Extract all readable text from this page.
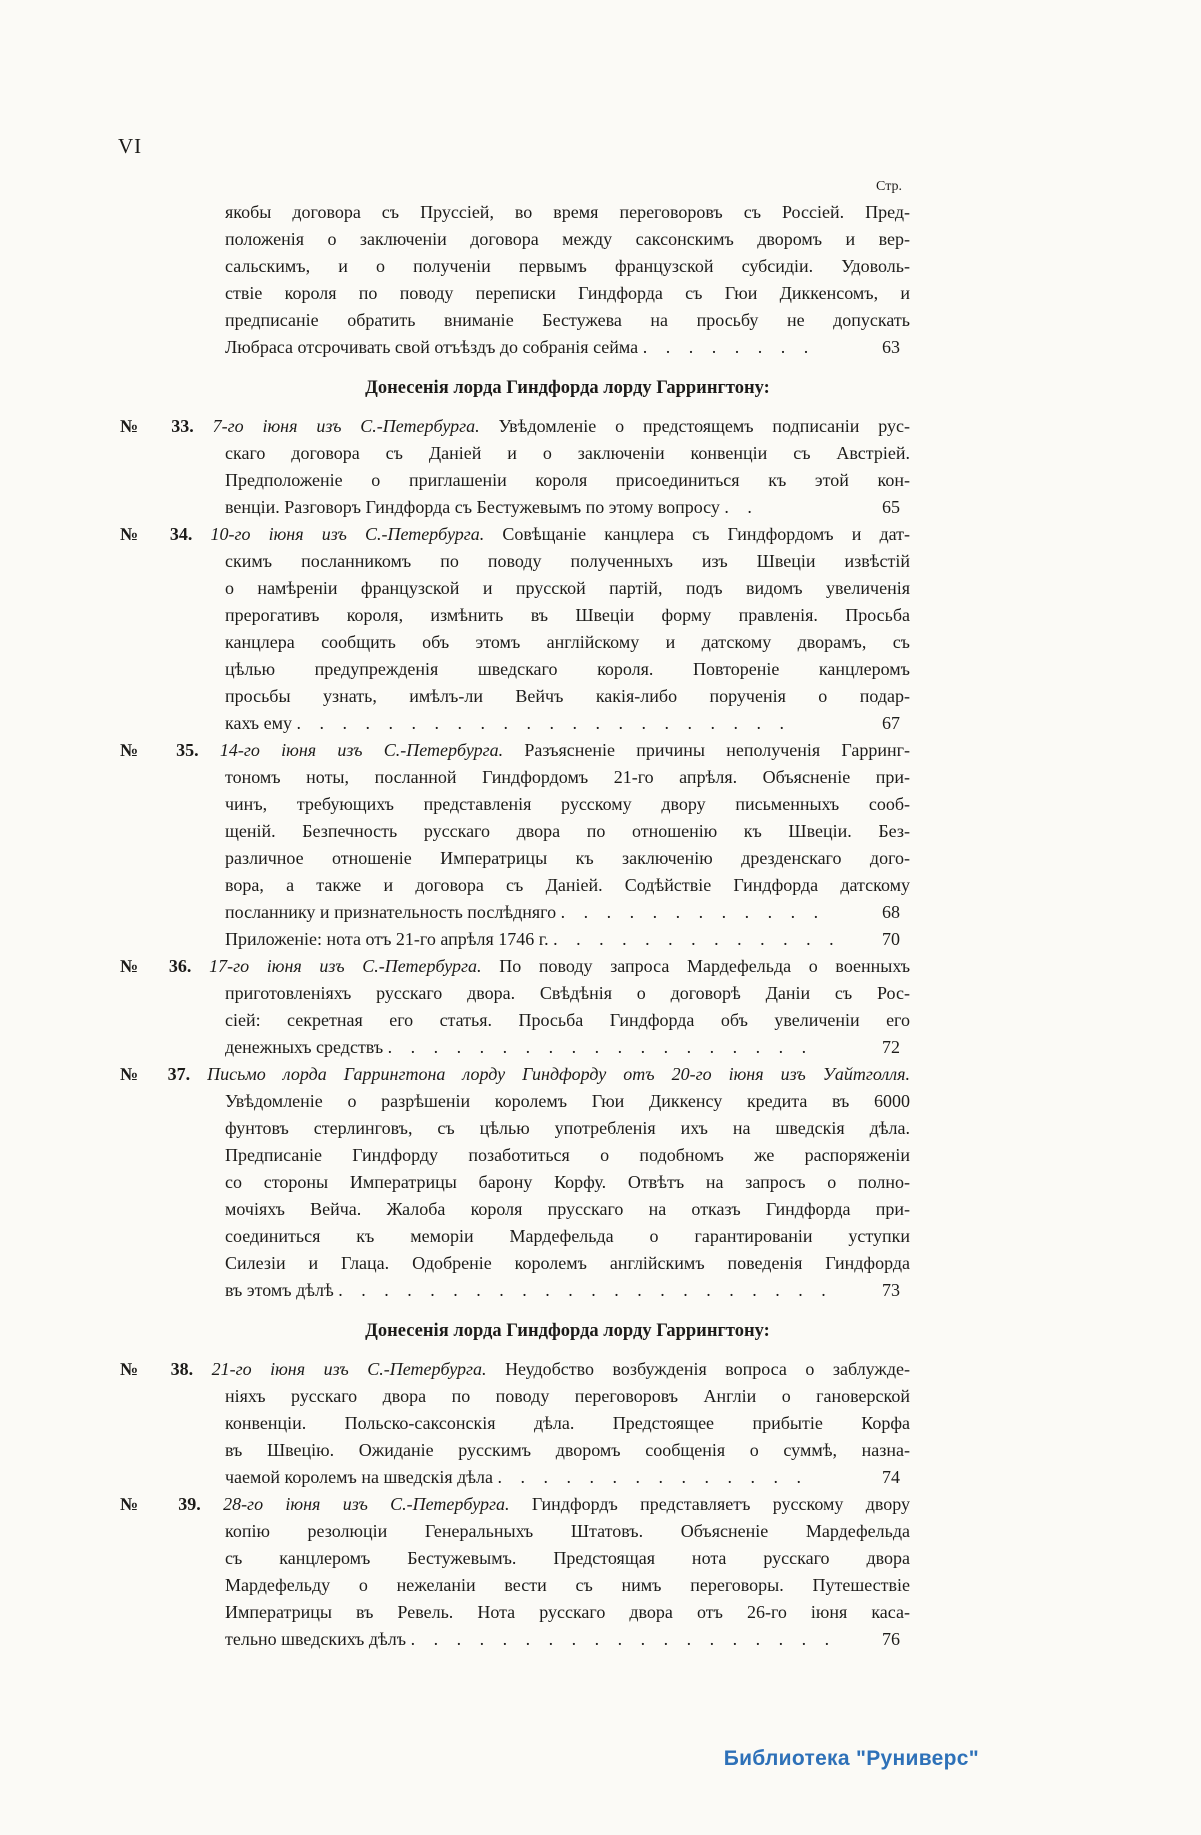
VI
Стр.
якобы договора съ Пруссіей, во время переговоровъ съ Россіей. Пред-
положенія о заключеніи договора между саксонскимъ дворомъ и вер-
сальскимъ, и о полученіи первымъ французской субсидіи. Удоволь-
ствіе короля по поводу переписки Гиндфорда съ Гюи Диккенсомъ, и
предписаніе обратить вниманіе Бестужева на просьбу не допускать
Любраса отсрочивать свой отъѣздъ до собранія сейма . . . . . . . .	63
Донесенія лорда Гиндфорда лорду Гаррингтону:
№ 33. 7-го іюня изъ С.-Петербурга. Увѣдомленіе о предстоящемъ подписаніи рус-
скаго договора съ Даніей и о заключеніи конвенціи съ Австріей.
Предположеніе о приглашеніи короля присоединиться къ этой кон-
венціи. Разговоръ Гиндфорда съ Бестужевымъ по этому вопросу . .	65
№ 34. 10-го іюня изъ С.-Петербурга. Совѣщаніе канцлера съ Гиндфордомъ и дат-
скимъ посланникомъ по поводу полученныхъ изъ Швеціи извѣстій
о намѣреніи французской и прусской партій, подъ видомъ увеличенія
прерогативъ короля, измѣнить въ Швеціи форму правленія. Просьба
канцлера сообщить объ этомъ англійскому и датскому дворамъ, съ
цѣлью предупрежденія шведскаго короля. Повтореніе канцлеромъ
просьбы узнать, имѣлъ-ли Вейчъ какія-либо порученія о подар-
кахъ ему . . . . . . . . . . . . . . . . . . . . . .	67
№ 35. 14-го іюня изъ С.-Петербурга. Разъясненіе причины неполученія Гарринг-
тономъ ноты, посланной Гиндфордомъ 21-го апрѣля. Объясненіе при-
чинъ, требующихъ представленія русскому двору письменныхъ сооб-
щеній. Безпечность русскаго двора по отношенію къ Швеціи. Без-
различное отношеніе Императрицы къ заключенію дрезденскаго дого-
вора, а также и договора съ Даніей. Содѣйствіе Гиндфорда датскому
посланнику и признательность послѣдняго . . . . . . . . . . . .	68
Приложеніе: нота отъ 21-го апрѣля 1746 г. . . . . . . . . . . . . .	70
№ 36. 17-го іюня изъ С.-Петербурга. По поводу запроса Мардефельда о военныхъ
приготовленіяхъ русскаго двора. Свѣдѣнія о договорѣ Даніи съ Рос-
сіей: секретная его статья. Просьба Гиндфорда объ увеличеніи его
денежныхъ средствъ . . . . . . . . . . . . . . . . . . .	72
№ 37. Письмо лорда Гаррингтона лорду Гиндфорду отъ 20-го іюня изъ Уайтголля.
Увѣдомленіе о разрѣшеніи королемъ Гюи Диккенсу кредита въ 6000
фунтовъ стерлинговъ, съ цѣлью употребленія ихъ на шведскія дѣла.
Предписаніе Гиндфорду позаботиться о подобномъ же распоряженіи
со стороны Императрицы барону Корфу. Отвѣтъ на запросъ о полно-
мочіяхъ Вейча. Жалоба короля прусскаго на отказъ Гиндфорда при-
соединиться къ меморіи Мардефельда о гарантированіи уступки
Силезіи и Глаца. Одобреніе королемъ англійскимъ поведенія Гиндфорда
въ этомъ дѣлѣ . . . . . . . . . . . . . . . . . . . . . .	73
Донесенія лорда Гиндфорда лорду Гаррингтону:
№ 38. 21-го іюня изъ С.-Петербурга. Неудобство возбужденія вопроса о заблужде-
ніяхъ русскаго двора по поводу переговоровъ Англіи о гановерской
конвенціи. Польско-саксонскія дѣла. Предстоящее прибытіе Корфа
въ Швецію. Ожиданіе русскимъ дворомъ сообщенія о суммѣ, назна-
чаемой королемъ на шведскія дѣла . . . . . . . . . . . . . .	74
№ 39. 28-го іюня изъ С.-Петербурга. Гиндфордъ представляетъ русскому двору
копію резолюціи Генеральныхъ Штатовъ. Объясненіе Мардефельда
съ канцлеромъ Бестужевымъ. Предстоящая нота русскаго двора
Мардефельду о нежеланіи вести съ нимъ переговоры. Путешествіе
Императрицы въ Ревель. Нота русскаго двора отъ 26-го іюня каса-
тельно шведскихъ дѣлъ . . . . . . . . . . . . . . . . . . .	76
Библиотека "Руниверс"
